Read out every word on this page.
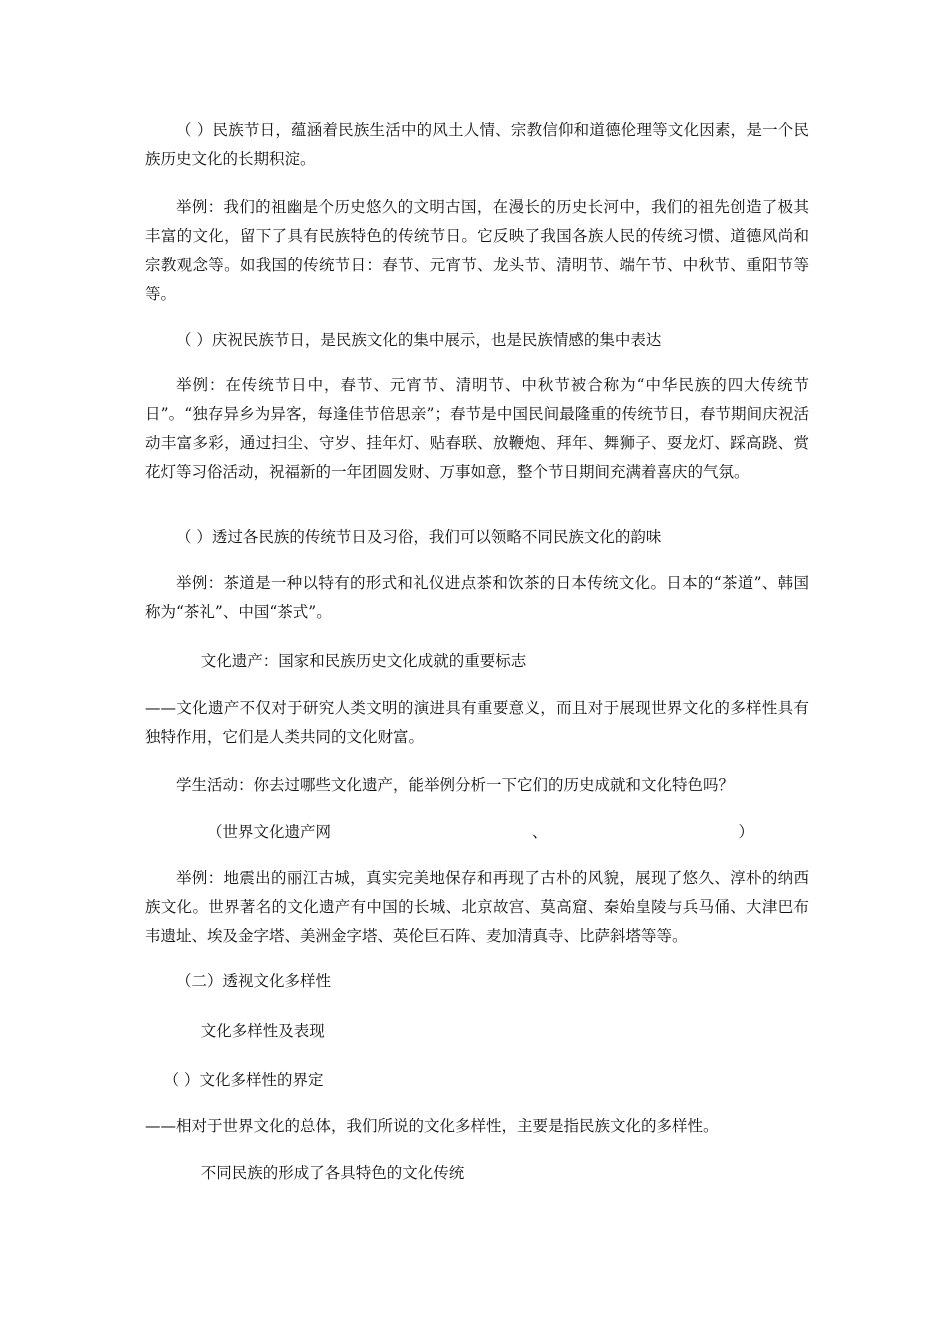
（ ）民族节日，蕴涵着民族生活中的风土人情、宗教信仰和道德伦理等文化因素，是一个民族历史文化的长期积淀。

举例：我们的祖幽是个历史悠久的文明古国，在漫长的历史长河中，我们的祖先创造了极其丰富的文化，留下了具有民族特色的传统节日。它反映了我国各族人民的传统习惯、道德风尚和宗教观念等。如我国的传统节日：春节、元宵节、龙头节、清明节、端午节、中秋节、重阳节等等。

（ ）庆祝民族节日，是民族文化的集中展示，也是民族情感的集中表达

举例：在传统节日中，春节、元宵节、清明节、中秋节被合称为“中华民族的四大传统节日”。“独存异乡为异客，每逢佳节倍思亲”；春节是中国民间最隆重的传统节日，春节期间庆祝活动丰富多彩，通过扫尘、守岁、挂年灯、贴春联、放鞭炮、拜年、舞狮子、耍龙灯、踩高跷、赏花灯等习俗活动，祝福新的一年团圆发财、万事如意，整个节日期间充满着喜庆的气氛。

（ ）透过各民族的传统节日及习俗，我们可以领略不同民族文化的韵味

举例：茶道是一种以特有的形式和礼仪进点茶和饮茶的日本传统文化。日本的“茶道”、韩国称为“茶礼”、中国“茶式”。

文化遗产：国家和民族历史文化成就的重要标志

——文化遗产不仅对于研究人类文明的演进具有重要意义，而且对于展现世界文化的多样性具有独特作用，它们是人类共同的文化财富。

学生活动：你去过哪些文化遗产，能举例分析一下它们的历史成就和文化特色吗？

（世界文化遗产网	、	）

举例：地震出的丽江古城，真实完美地保存和再现了古朴的风貌，展现了悠久、淳朴的纳西族文化。世界著名的文化遗产有中国的长城、北京故宫、莫高窟、秦始皇陵与兵马俑、大津巴布韦遗址、埃及金字塔、美洲金字塔、英伦巨石阵、麦加清真寺、比萨斜塔等等。

（二）透视文化多样性

文化多样性及表现

（ ）文化多样性的界定

——相对于世界文化的总体，我们所说的文化多样性，主要是指民族文化的多样性。

不同民族的形成了各具特色的文化传统
